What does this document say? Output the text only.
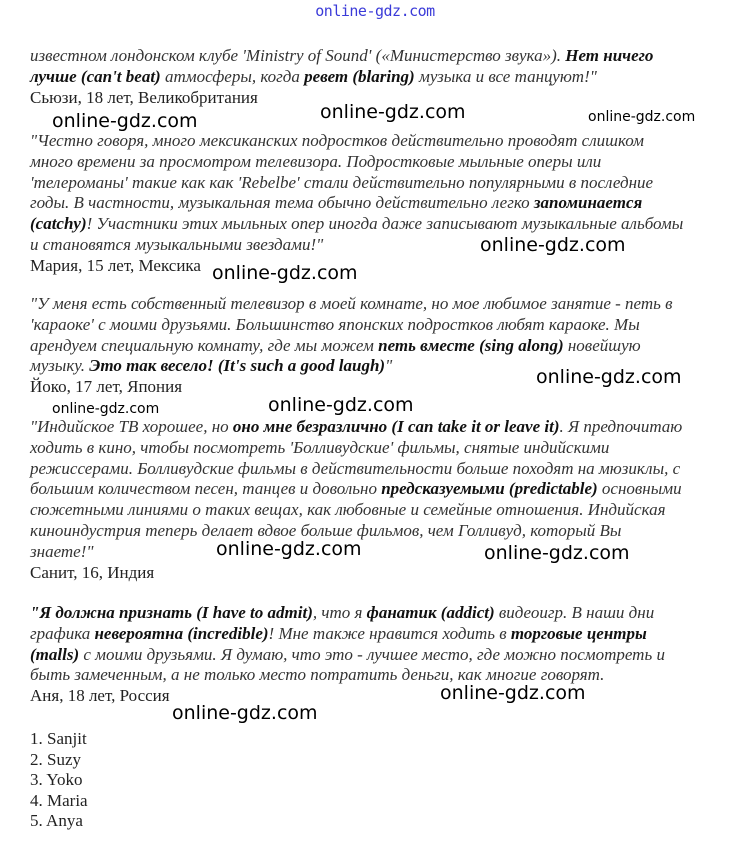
online-gdz.com
известном лондонском клубе 'Ministry of Sound' («Министерство звука»). Нет ничего
лучше (can't beat) атмосферы, когда ревет (blaring) музыка и все танцуют!"
Сьюзи, 18 лет, Великобритания
"Честно говоря, много мексиканских подростков действительно проводят слишком
много времени за просмотром телевизора. Подростковые мыльные оперы или
'телероманы' такие как как 'Rebelbe' стали действительно популярными в последние
годы. В частности, музыкальная тема обычно действительно легко запоминается
(catchy)! Участники этих мыльных опер иногда даже записывают музыкальные альбомы
и становятся музыкальными звездами!"
Мария, 15 лет, Мексика
"У меня есть собственный телевизор в моей комнате, но мое любимое занятие - петь в
'караоке' с моими друзьями. Большинство японских подростков любят караоке. Мы
арендуем специальную комнату, где мы можем петь вместе (sing along) новейшую
музыку. Это так весело! (It's such a good laugh)"
Йоко, 17 лет, Япония
"Индийское ТВ хорошее, но оно мне безразлично (I can take it or leave it). Я предпочитаю
ходить в кино, чтобы посмотреть 'Болливудские' фильмы, снятые индийскими
режиссерами. Болливудские фильмы в действительности больше походят на мюзиклы, с
большим количеством песен, танцев и довольно предсказуемыми (predictable) основными
сюжетными линиями о таких вещах, как любовные и семейные отношения. Индийская
киноиндустрия теперь делает вдвое больше фильмов, чем Голливуд, который Вы
знаете!"
Санит, 16, Индия
"Я должна признать (I have to admit), что я фанатик (addict) видеоигр. В наши дни
графика невероятна (incredible)! Мне также нравится ходить в торговые центры
(malls) с моими друзьями. Я думаю, что это - лучшее место, где можно посмотреть и
быть замеченным, а не только место потратить деньги, как многие говорят.
Аня, 18 лет, Россия
1. Sanjit
2. Suzy
3. Yoko
4. Maria
5. Anya
online-gdz.com	online-gdz.com	online-gdz.com
online-gdz.com
online-gdz.com
online-gdz.com
online-gdz.com
online-gdz.com
online-gdz.com	online-gdz.com
online-gdz.com
online-gdz.com
